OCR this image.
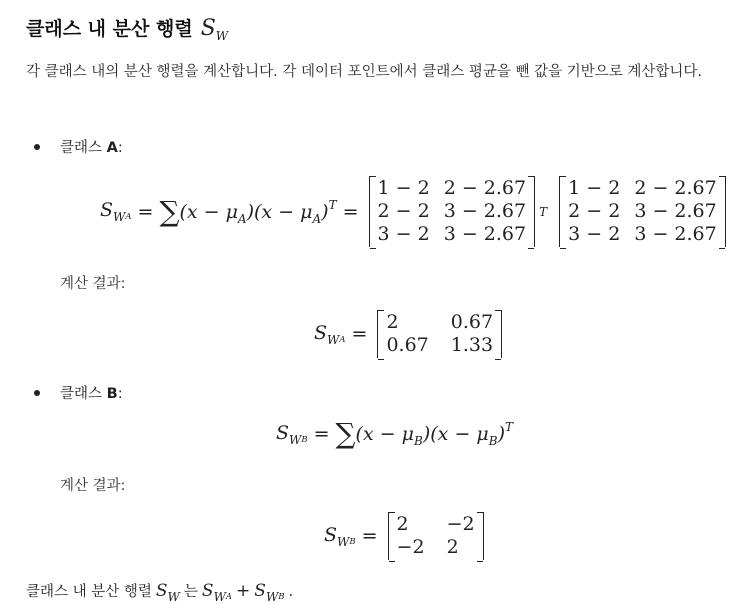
클래스 내 분산 행렬 $S_W$
각 클래스 내의 분산 행렬을 계산합니다. 각 데이터 포인트에서 클래스 평균을 뺀 값을 기반으로 계산합니다.
클래스 A:
$S_WA$ = ∑ $(x - \mu_A)(x - \mu_A)^T$ =
1 − 2 2 − 2.67
2 − 2 3 − 2.67
3 − 2 3 − 2.67
T
1 − 2 2 − 2.67
2 − 2 3 − 2.67
3 − 2 3 − 2.67
계산 결과:
$S_WA$ =
2	0.67
0.67 1.33
클래스 B:
$S_WB$ = ∑ $(x - \mu_B)(x - \mu_B)^T$
계산 결과:
$S_WB$ =
2	−2
−2 2
클래스 내 분산 행렬 $S_W$ 는 $S_WA + S_WB$ .
